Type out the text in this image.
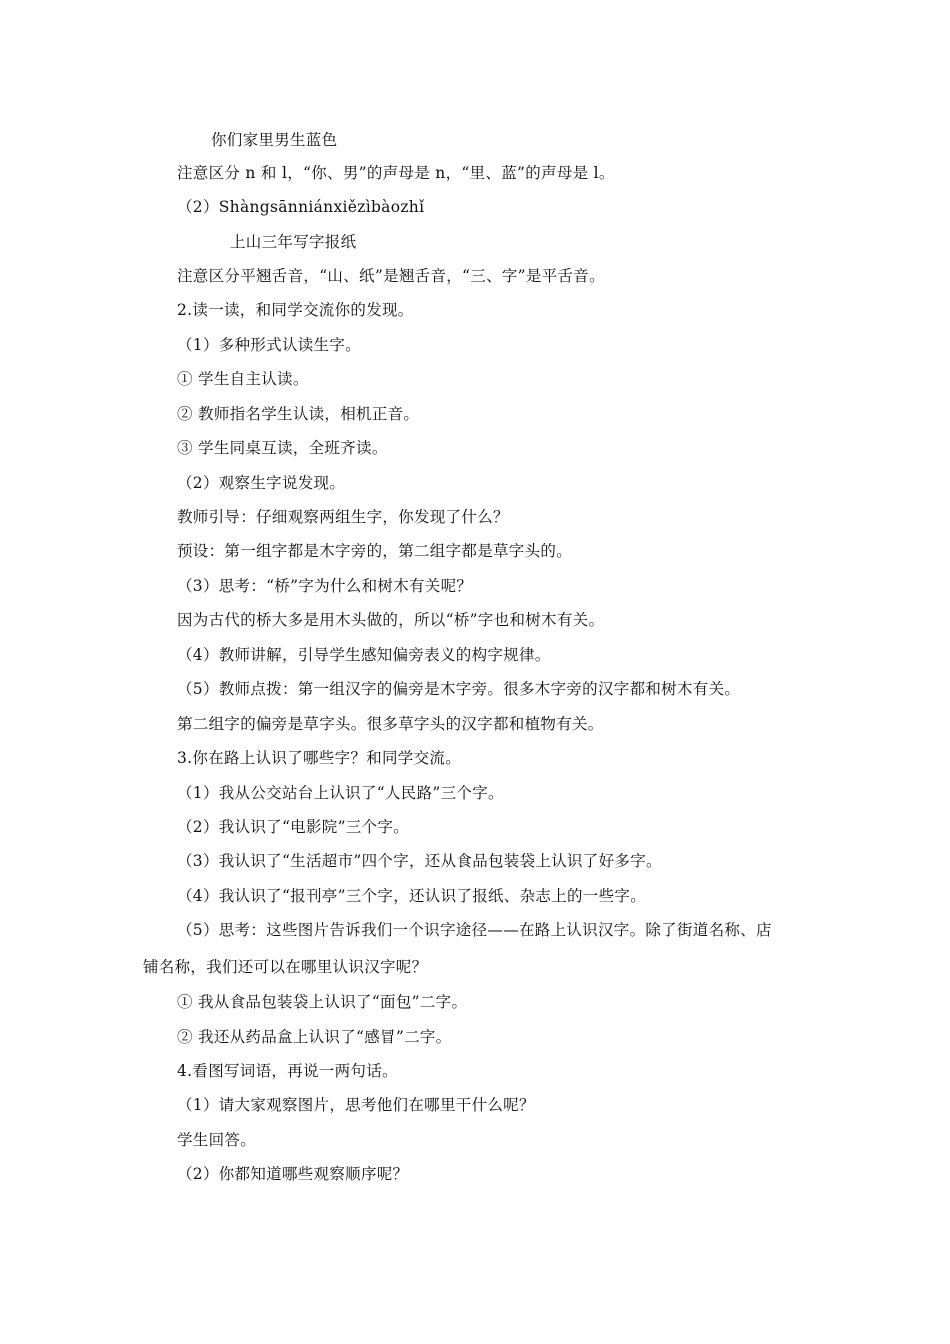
你们家里男生蓝色
注意区分 n 和 l，“你、男”的声母是 n，“里、蓝”的声母是 l。
（2）Shàngsānniánxiězìbàozhǐ
上山三年写字报纸
注意区分平翘舌音，“山、纸”是翘舌音，“三、字”是平舌音。
2.读一读，和同学交流你的发现。
（1）多种形式认读生字。
① 学生自主认读。
② 教师指名学生认读，相机正音。
③ 学生同桌互读，全班齐读。
（2）观察生字说发现。
教师引导：仔细观察两组生字，你发现了什么？
预设：第一组字都是木字旁的，第二组字都是草字头的。
（3）思考：“桥”字为什么和树木有关呢？
因为古代的桥大多是用木头做的，所以“桥”字也和树木有关。
（4）教师讲解，引导学生感知偏旁表义的构字规律。
（5）教师点拨：第一组汉字的偏旁是木字旁。很多木字旁的汉字都和树木有关。
第二组字的偏旁是草字头。很多草字头的汉字都和植物有关。
3.你在路上认识了哪些字？和同学交流。
（1）我从公交站台上认识了“人民路”三个字。
（2）我认识了“电影院”三个字。
（3）我认识了“生活超市”四个字，还从食品包装袋上认识了好多字。
（4）我认识了“报刊亭”三个字，还认识了报纸、杂志上的一些字。
（5）思考：这些图片告诉我们一个识字途径——在路上认识汉字。除了街道名称、店
铺名称，我们还可以在哪里认识汉字呢？
① 我从食品包装袋上认识了“面包”二字。
② 我还从药品盒上认识了“感冒”二字。
4.看图写词语，再说一两句话。
（1）请大家观察图片，思考他们在哪里干什么呢？
学生回答。
（2）你都知道哪些观察顺序呢？
